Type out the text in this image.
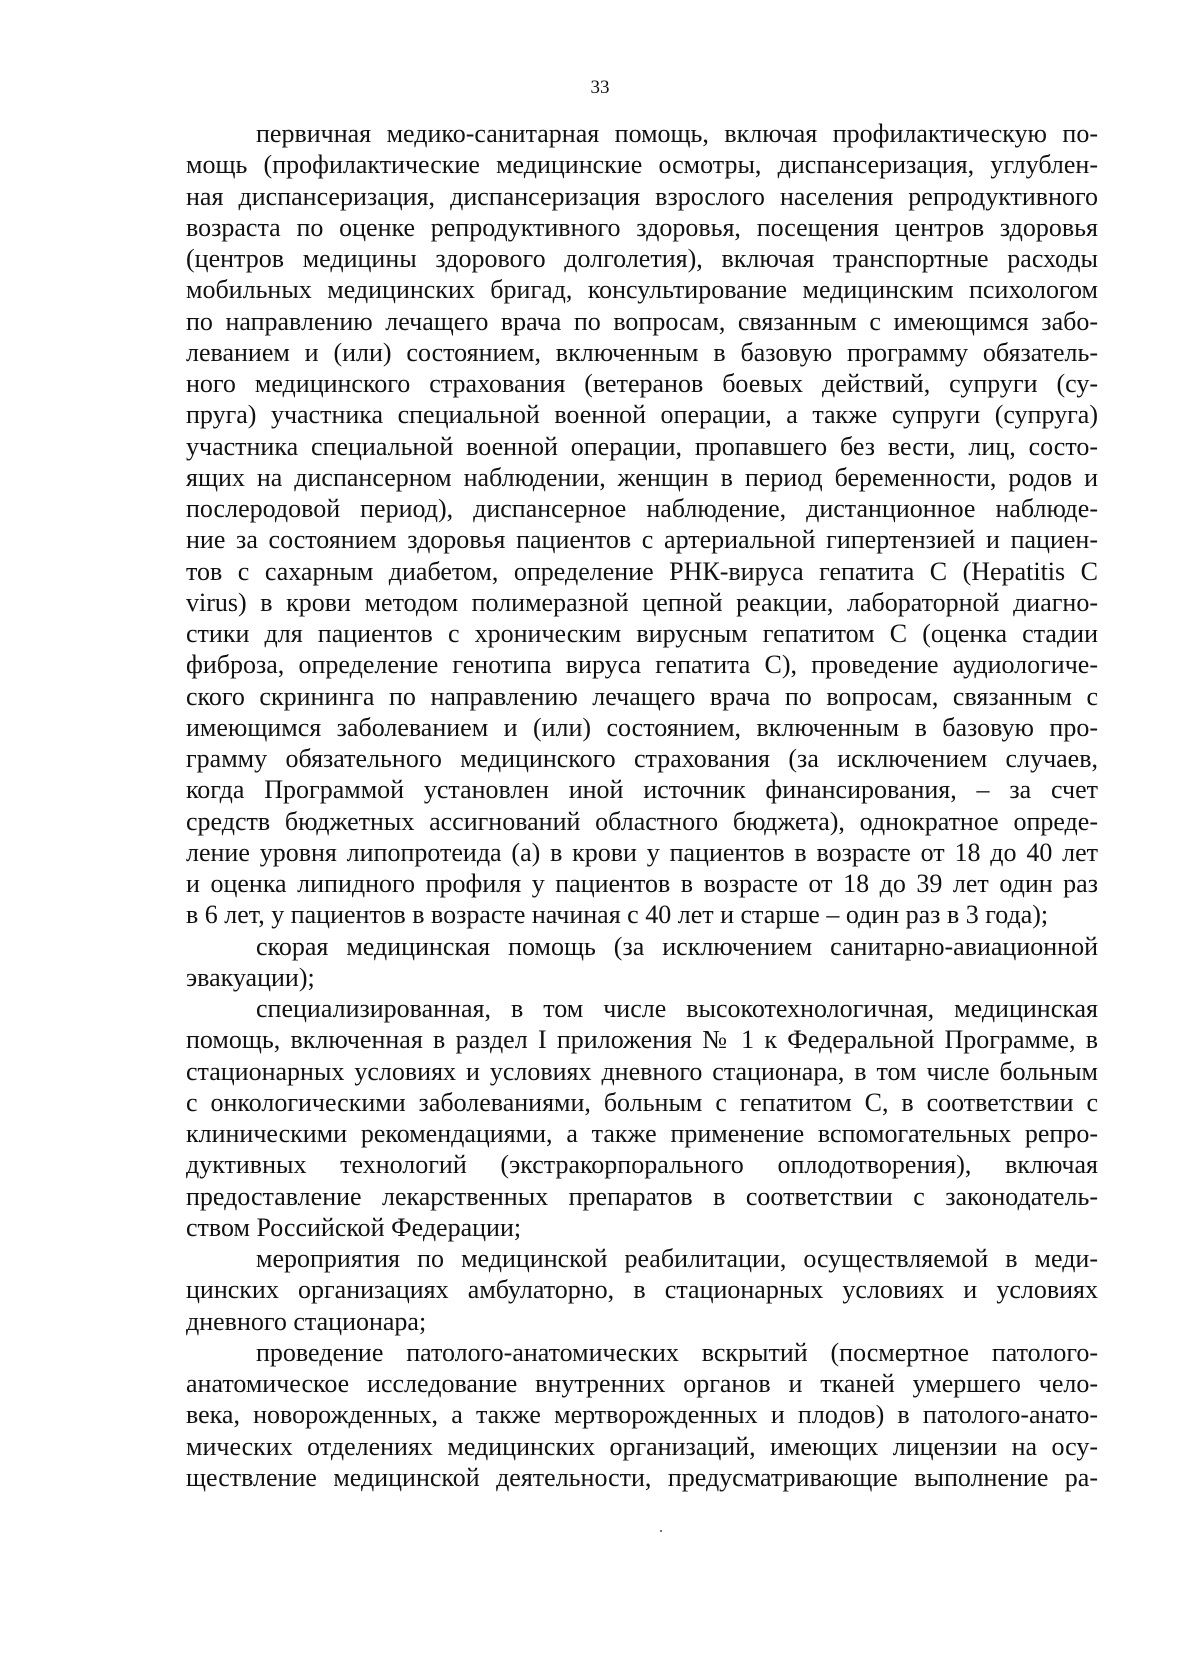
33
первичная медико-санитарная помощь, включая профилактическую по-
мощь (профилактические медицинские осмотры, диспансеризация, углублен-
ная диспансеризация, диспансеризация взрослого населения репродуктивного
возраста по оценке репродуктивного здоровья, посещения центров здоровья
(центров медицины здорового долголетия), включая транспортные расходы
мобильных медицинских бригад, консультирование медицинским психологом
по направлению лечащего врача по вопросам, связанным с имеющимся забо-
леванием и (или) состоянием, включенным в базовую программу обязатель-
ного медицинского страхования (ветеранов боевых действий, супруги (су-
пруга) участника специальной военной операции, а также супруги (супруга)
участника специальной военной операции, пропавшего без вести, лиц, состо-
ящих на диспансерном наблюдении, женщин в период беременности, родов и
послеродовой период), диспансерное наблюдение, дистанционное наблюде-
ние за состоянием здоровья пациентов с артериальной гипертензией и пациен-
тов с сахарным диабетом, определение РНК-вируса гепатита С (Hepatitis C
virus) в крови методом полимеразной цепной реакции, лабораторной диагно-
стики для пациентов с хроническим вирусным гепатитом С (оценка стадии
фиброза, определение генотипа вируса гепатита С), проведение аудиологиче-
ского скрининга по направлению лечащего врача по вопросам, связанным с
имеющимся заболеванием и (или) состоянием, включенным в базовую про-
грамму обязательного медицинского страхования (за исключением случаев,
когда Программой установлен иной источник финансирования, – за счет
средств бюджетных ассигнований областного бюджета), однократное опреде-
ление уровня липопротеида (а) в крови у пациентов в возрасте от 18 до 40 лет
и оценка липидного профиля у пациентов в возрасте от 18 до 39 лет один раз
в 6 лет, у пациентов в возрасте начиная с 40 лет и старше – один раз в 3 года);
скорая медицинская помощь (за исключением санитарно-авиационной
эвакуации);
специализированная, в том числе высокотехнологичная, медицинская
помощь, включенная в раздел I приложения № 1 к Федеральной Программе, в
стационарных условиях и условиях дневного стационара, в том числе больным
с онкологическими заболеваниями, больным с гепатитом С, в соответствии с
клиническими рекомендациями, а также применение вспомогательных репро-
дуктивных технологий (экстракорпорального оплодотворения), включая
предоставление лекарственных препаратов в соответствии с законодатель-
ством Российской Федерации;
мероприятия по медицинской реабилитации, осуществляемой в меди-
цинских организациях амбулаторно, в стационарных условиях и условиях
дневного стационара;
проведение патолого-анатомических вскрытий (посмертное патолого-
анатомическое исследование внутренних органов и тканей умершего чело-
века, новорожденных, а также мертворожденных и плодов) в патолого-анато-
мических отделениях медицинских организаций, имеющих лицензии на осу-
ществление медицинской деятельности, предусматривающие выполнение ра-
